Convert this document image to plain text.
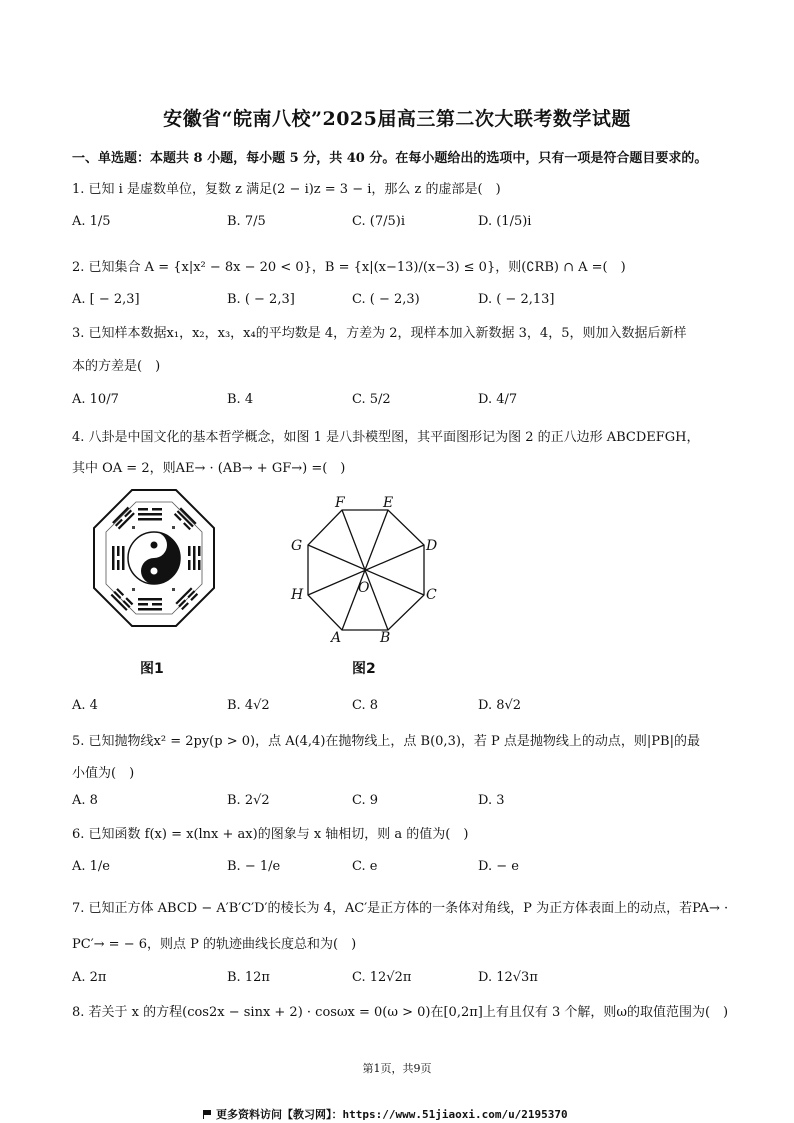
安徽省“皖南八校”2025届高三第二次大联考数学试题
一、单选题：本题共 8 小题，每小题 5 分，共 40 分。在每小题给出的选项中，只有一项是符合题目要求的。
1. 已知 i 是虚数单位，复数 z 满足(2 − i)z = 3 − i，那么 z 的虚部是(　)
A. 1/5	B. 7/5	C. (7/5)i	D. (1/5)i
2. 已知集合 A = {x|x² − 8x − 20 < 0}，B = {x|(x−13)/(x−3) ≤ 0}，则(∁RB) ∩ A =(　)
A. [ − 2,3]	B. ( − 2,3]	C. ( − 2,3)	D. ( − 2,13]
3. 已知样本数据x₁，x₂，x₃，x₄的平均数是 4，方差为 2，现样本加入新数据 3，4，5，则加入数据后新样
本的方差是(　)
A. 10/7	B. 4	C. 5/2	D. 4/7
4. 八卦是中国文化的基本哲学概念，如图 1 是八卦模型图，其平面图形记为图 2 的正八边形 ABCDEFGH，
其中 OA = 2，则AE→ · (AB→ + GF→) =(　)
图1
A	B
C
D
E
F
G
H	O
图2
A. 4	B. 4√2	C. 8	D. 8√2
5. 已知抛物线x² = 2py(p > 0)，点 A(4,4)在抛物线上，点 B(0,3)，若 P 点是抛物线上的动点，则|PB|的最
小值为(　)
A. 8	B. 2√2	C. 9	D. 3
6. 已知函数 f(x) = x(lnx + ax)的图象与 x 轴相切，则 a 的值为(　)
A. 1/e	B. − 1/e	C. e	D. − e
7. 已知正方体 ABCD − A′B′C′D′的棱长为 4，AC′是正方体的一条体对角线，P 为正方体表面上的动点，若PA→ ·
PC′→ = − 6，则点 P 的轨迹曲线长度总和为(　)
A. 2π	B. 12π	C. 12√2π	D. 12√3π
8. 若关于 x 的方程(cos2x − sinx + 2) · cosωx = 0(ω > 0)在[0,2π]上有且仅有 3 个解，则ω的取值范围为(　)
第1页，共9页
更多资料访问【教习网】：https://www.51jiaoxi.com/u/2195370
